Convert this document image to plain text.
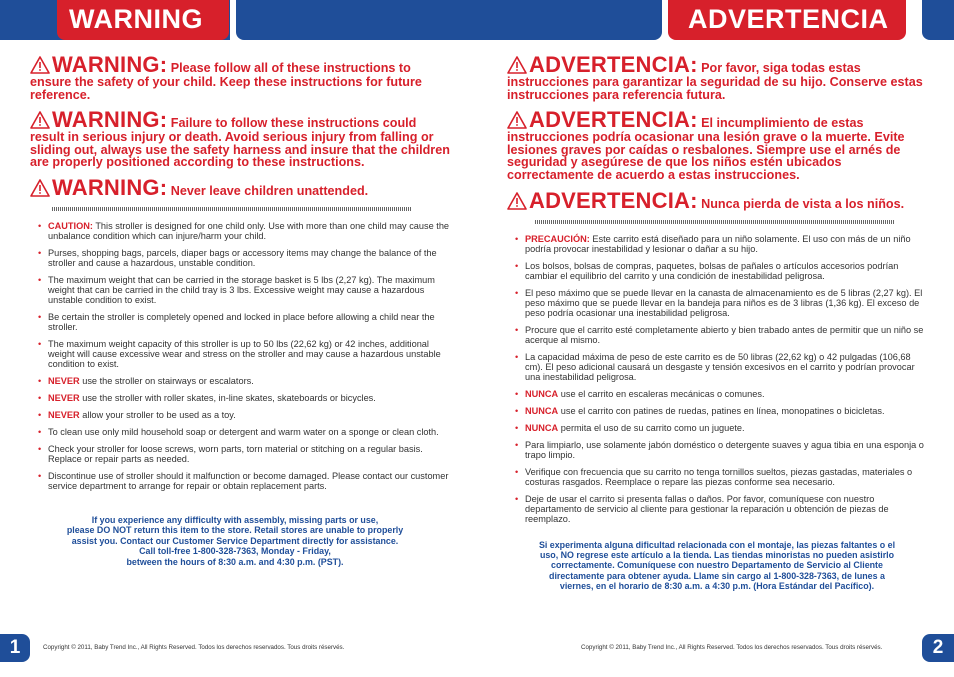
WARNING	ADVERTENCIA
WARNING: Please follow all of these instructions to ensure the safety of your child. Keep these instructions for future reference.
WARNING: Failure to follow these instructions could result in serious injury or death. Avoid serious injury from falling or sliding out, always use the safety harness and insure that the children are properly positioned according to these instructions.
WARNING: Never leave children unattended.
• CAUTION: This stroller is designed for one child only. Use with more than one child may cause the unbalance condition which can injure/harm your child.
• Purses, shopping bags, parcels, diaper bags or accessory items may change the balance of the stroller and cause a hazardous, unstable condition.
• The maximum weight that can be carried in the storage basket is 5 lbs (2,27 kg). The maximum weight that can be carried in the child tray is 3 lbs. Excessive weight may cause a hazardous unstable condition to exist.
• Be certain the stroller is completely opened and locked in place before allowing a child near the stroller.
• The maximum weight capacity of this stroller is up to 50 lbs (22,62 kg) or 42 inches, additional weight will cause excessive wear and stress on the stroller and may cause a hazardous unstable condition to exist.
• NEVER use the stroller on stairways or escalators.
• NEVER use the stroller with roller skates, in-line skates, skateboards or bicycles.
• NEVER allow your stroller to be used as a toy.
• To clean use only mild household soap or detergent and warm water on a sponge or clean cloth.
• Check your stroller for loose screws, worn parts, torn material or stitching on a regular basis. Replace or repair parts as needed.
• Discontinue use of stroller should it malfunction or become damaged. Please contact our customer service department to arrange for repair or obtain replacement parts.
If you experience any difficulty with assembly, missing parts or use,
please DO NOT return this item to the store. Retail stores are unable to properly
assist you. Contact our Customer Service Department directly for assistance.
Call toll-free 1-800-328-7363, Monday - Friday,
between the hours of 8:30 a.m. and 4:30 p.m. (PST).
ADVERTENCIA: Por favor, siga todas estas instrucciones para garantizar la seguridad de su hijo. Conserve estas instrucciones para referencia futura.
ADVERTENCIA: El incumplimiento de estas instrucciones podría ocasionar una lesión grave o la muerte. Evite lesiones graves por caídas o resbalones. Siempre use el arnés de seguridad y asegúrese de que los niños estén ubicados correctamente de acuerdo a estas instrucciones.
ADVERTENCIA: Nunca pierda de vista a los niños.
• PRECAUCIÓN: Este carrito está diseñado para un niño solamente. El uso con más de un niño podría provocar inestabilidad y lesionar o dañar a su hijo.
• Los bolsos, bolsas de compras, paquetes, bolsas de pañales o artículos accesorios podrían cambiar el equilibrio del carrito y una condición de inestabilidad peligrosa.
• El peso máximo que se puede llevar en la canasta de almacenamiento es de 5 libras (2,27 kg). El peso máximo que se puede llevar en la bandeja para niños es de 3 libras (1,36 kg). El exceso de peso podría ocasionar una inestabilidad peligrosa.
• Procure que el carrito esté completamente abierto y bien trabado antes de permitir que un niño se acerque al mismo.
• La capacidad máxima de peso de este carrito es de 50 libras (22,62 kg) o 42 pulgadas (106,68 cm). El peso adicional causará un desgaste y tensión excesivos en el carrito y podrían provocar una inestabilidad peligrosa.
• NUNCA use el carrito en escaleras mecánicas o comunes.
• NUNCA use el carrito con patines de ruedas, patines en línea, monopatines o bicicletas.
• NUNCA permita el uso de su carrito como un juguete.
• Para limpiarlo, use solamente jabón doméstico o detergente suaves y agua tibia en una esponja o trapo limpio.
• Verifique con frecuencia que su carrito no tenga tornillos sueltos, piezas gastadas, materiales o costuras rasgados. Reemplace o repare las piezas conforme sea necesario.
• Deje de usar el carrito si presenta fallas o daños. Por favor, comuníquese con nuestro departamento de servicio al cliente para gestionar la reparación u obtención de piezas de reemplazo.
Si experimenta alguna dificultad relacionada con el montaje, las piezas faltantes o el
uso, NO regrese este artículo a la tienda. Las tiendas minoristas no pueden asistirlo
correctamente. Comuníquese con nuestro Departamento de Servicio al Cliente
directamente para obtener ayuda. Llame sin cargo al 1-800-328-7363, de lunes a
viernes, en el horario de 8:30 a.m. a 4:30 p.m. (Hora Estándar del Pacífico).
1	Copyright © 2011, Baby Trend Inc., All Rights Reserved. Todos los derechos reservados. Tous droits réservés.	2
Copyright © 2011, Baby Trend Inc., All Rights Reserved. Todos los derechos reservados. Tous droits réservés.
